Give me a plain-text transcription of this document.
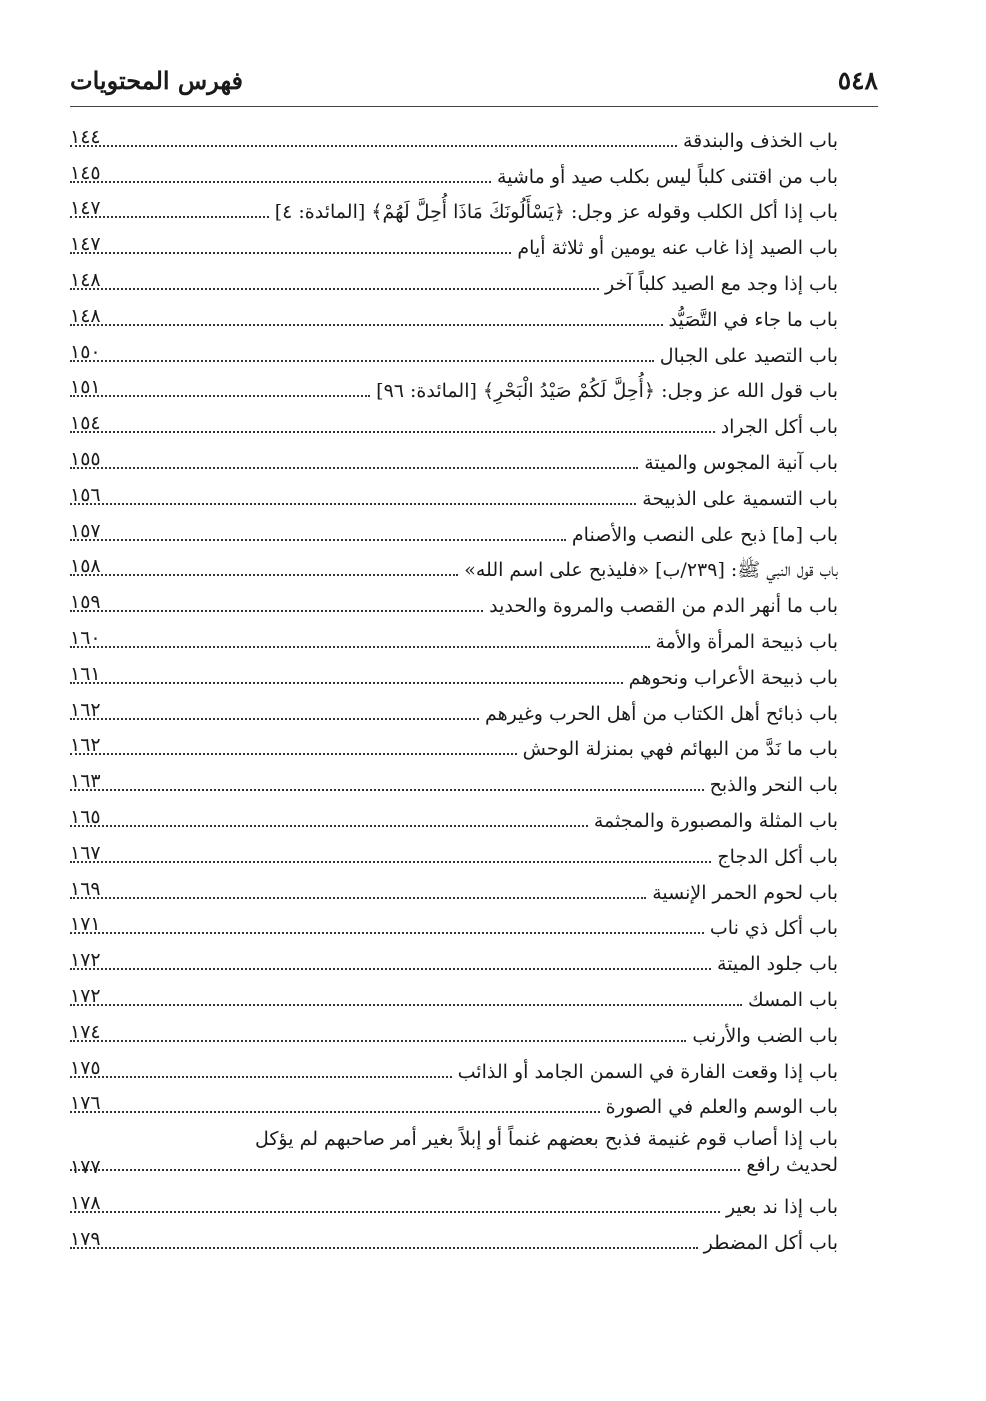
٥٤٨
فهرس المحتويات
باب الخذف والبندقة
١٤٤
باب من اقتنى كلباً ليس بكلب صيد أو ماشية
١٤٥
باب إذا أكل الكلب وقوله عز وجل: ﴿يَسْأَلُونَكَ مَاذَا أُحِلَّ لَهُمْ﴾ [المائدة: ٤]
١٤٧
باب الصيد إذا غاب عنه يومين أو ثلاثة أيام
١٤٧
باب إذا وجد مع الصيد كلباً آخر
١٤٨
باب ما جاء في التَّصَيُّد
١٤٨
باب التصيد على الجبال
١٥٠
باب قول الله عز وجل: ﴿أُحِلَّ لَكُمْ صَيْدُ الْبَحْرِ﴾ [المائدة: ٩٦]
١٥١
باب أكل الجراد
١٥٤
باب آنية المجوس والميتة
١٥٥
باب التسمية على الذبيحة
١٥٦
باب [ما] ذبح على النصب والأصنام
١٥٧
باب قول النبي ﷺ: [٢٣٩/ب] «فليذبح على اسم الله»
١٥٨
باب ما أنهر الدم من القصب والمروة والحديد
١٥٩
باب ذبيحة المرأة والأمة
١٦٠
باب ذبيحة الأعراب ونحوهم
١٦١
باب ذبائح أهل الكتاب من أهل الحرب وغيرهم
١٦٢
باب ما نَدَّ من البهائم فهي بمنزلة الوحش
١٦٢
باب النحر والذبح
١٦٣
باب المثلة والمصبورة والمجثمة
١٦٥
باب أكل الدجاج
١٦٧
باب لحوم الحمر الإنسية
١٦٩
باب أكل ذي ناب
١٧١
باب جلود الميتة
١٧٢
باب المسك
١٧٢
باب الضب والأرنب
١٧٤
باب إذا وقعت الفارة في السمن الجامد أو الذائب
١٧٥
باب الوسم والعلم في الصورة
١٧٦
باب إذا أصاب قوم غنيمة فذبح بعضهم غنماً أو إبلاً بغير أمر صاحبهم لم يؤكل
لحديث رافع
١٧٧
باب إذا ند بعير
١٧٨
باب أكل المضطر
١٧٩
